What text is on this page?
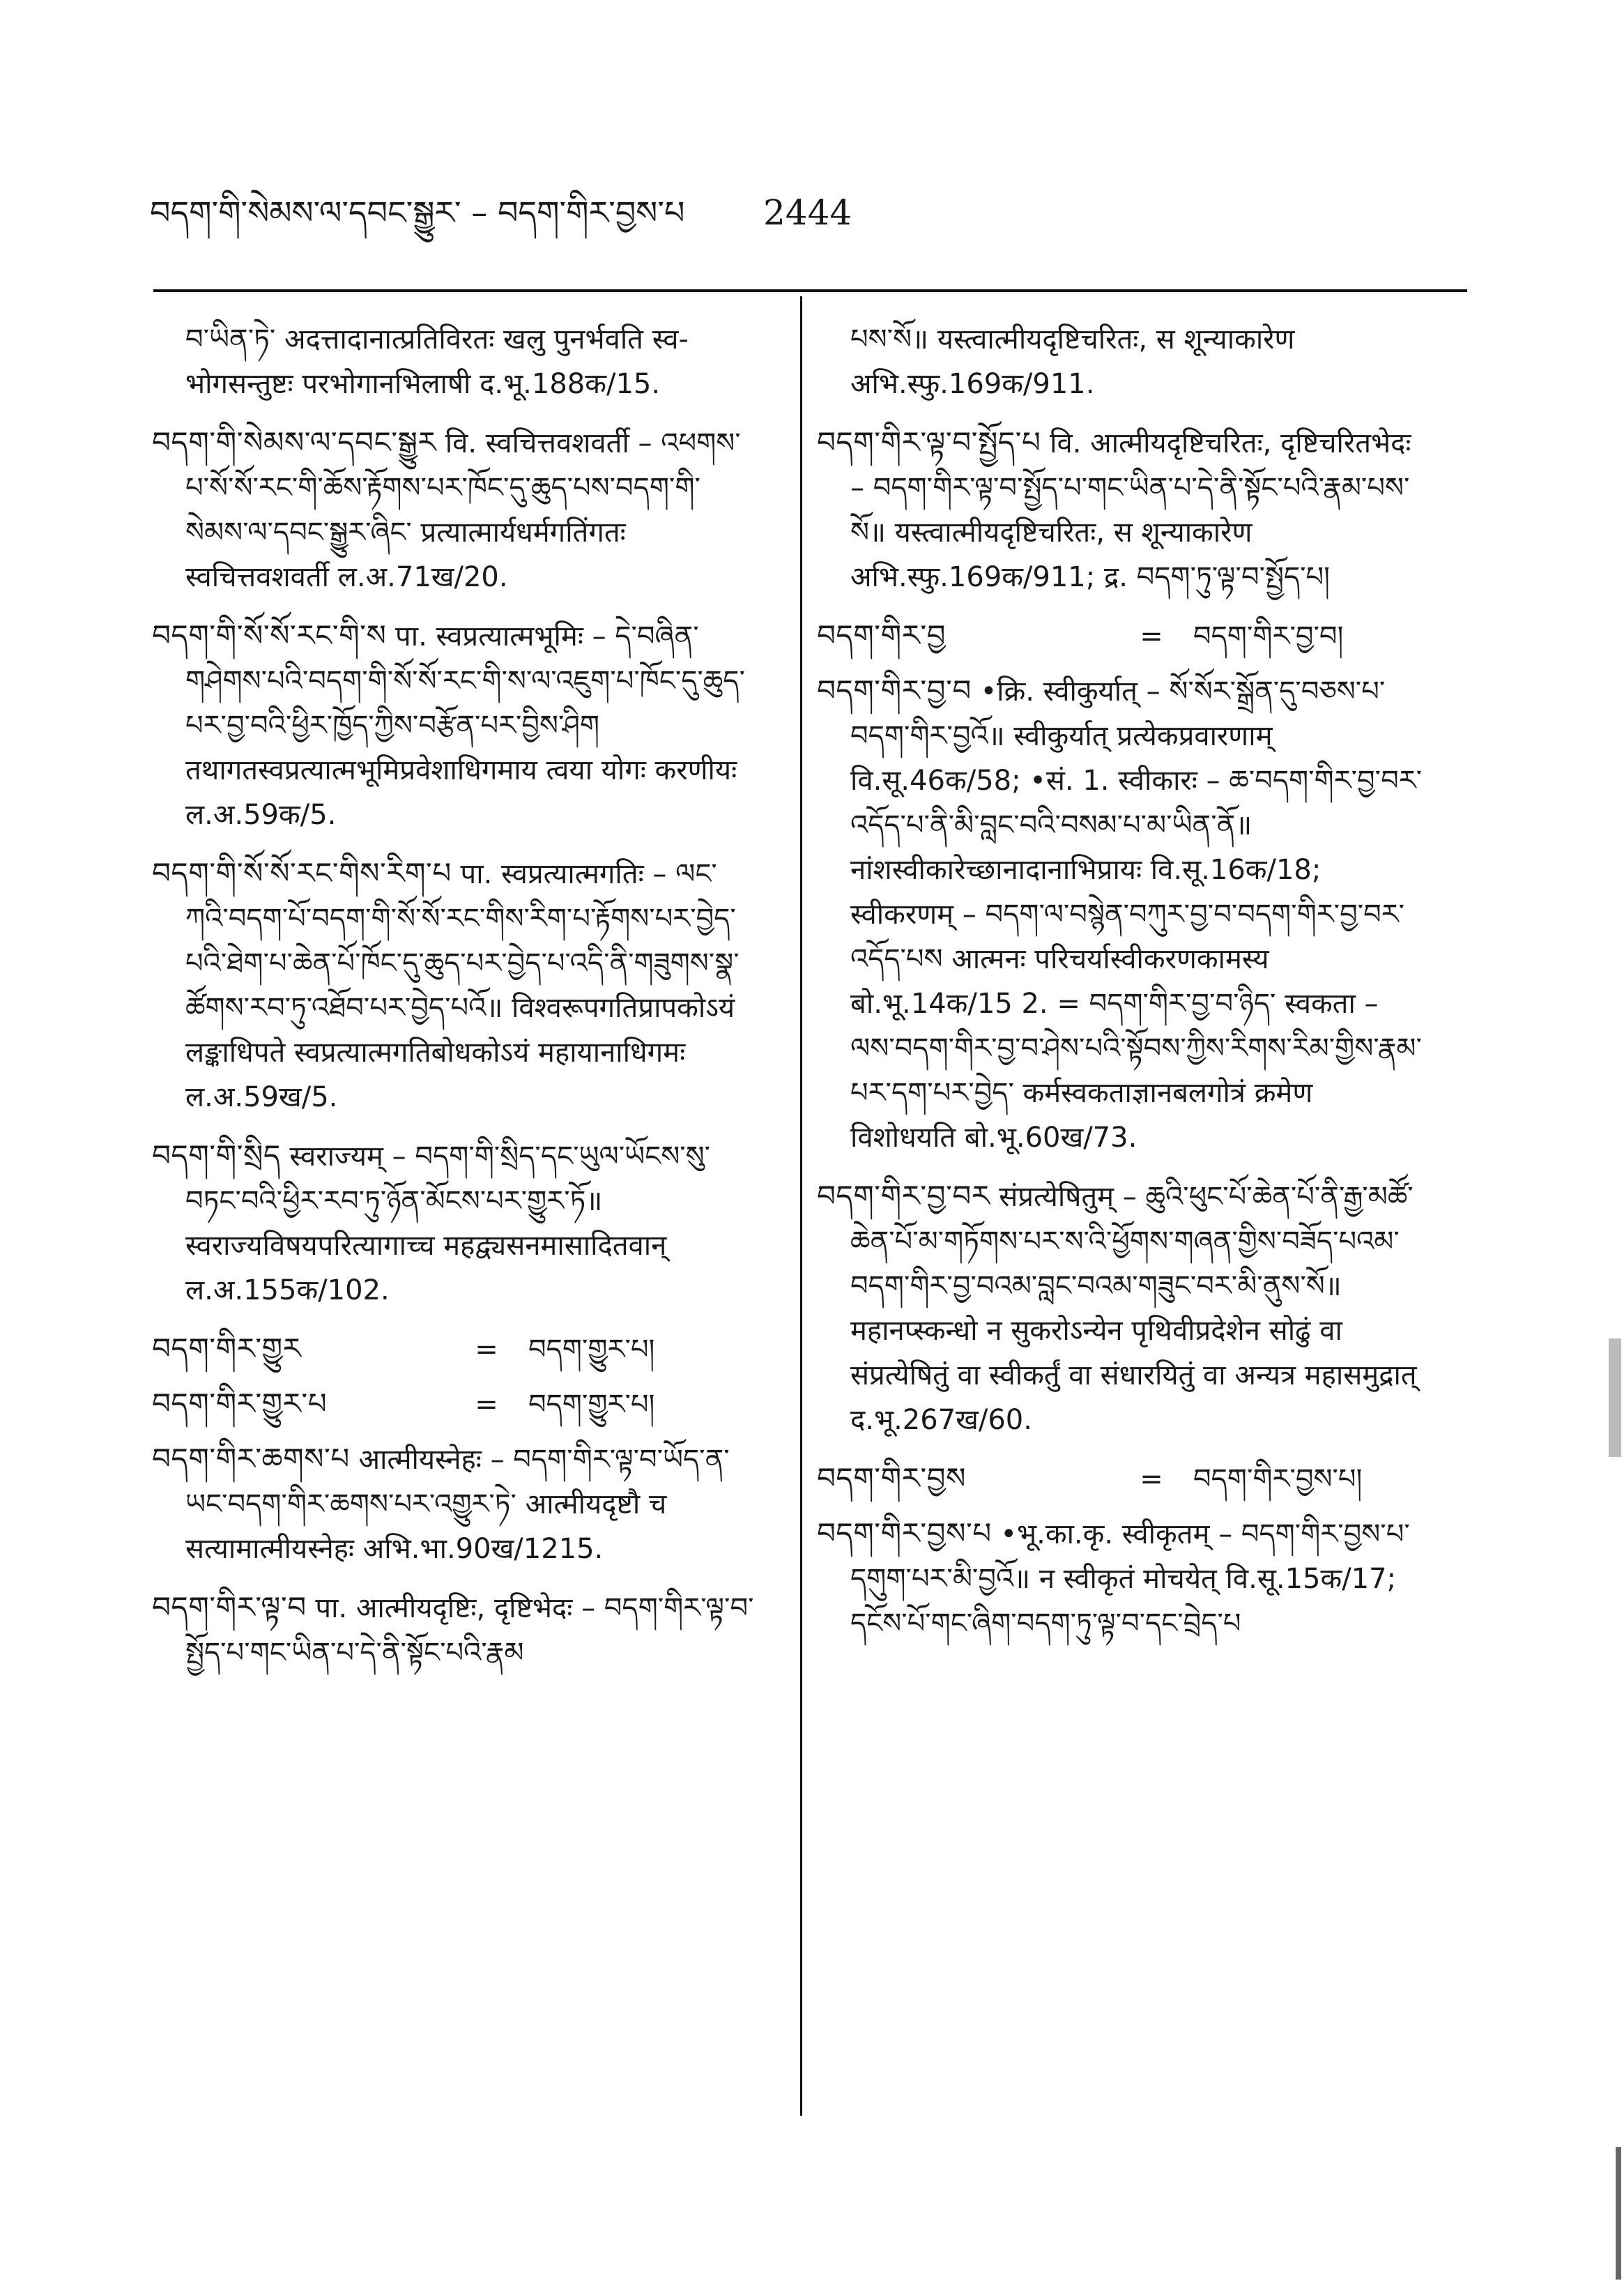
བདག་གི་སེམས་ལ་དབང་སྒྱུར་ – བདག་གིར་བྱས་པ 2444
བ་ཡིན་ཏེ་ अदत्तादानात्प्रतिविरतः खलु पुनर्भवति स्व-भोगसन्तुष्टः परभोगानभिलाषी द.भू.188क/15.
བདག་གི་སེམས་ལ་དབང་སྒྱུར वि. स्वचित्तवशवर्ती – འཕགས་པ་སོ་སོ་རང་གི་ཆོས་རྟོགས་པར་ཁོང་དུ་ཆུད་པས་བདག་གི་སེམས་ལ་དབང་སྒྱུར་ཞིང་ प्रत्यात्मार्यधर्मगतिंगतः स्वचित्तवशवर्ती ल.अ.71ख/20.
བདག་གི་སོ་སོ་རང་གི་ས पा. स्वप्रत्यात्मभूमिः – དེ་བཞིན་གཤེགས་པའི་བདག་གི་སོ་སོ་རང་གི་ས་ལ་འཇུག་པ་ཁོང་དུ་ཆུད་པར་བྱ་བའི་ཕྱིར་ཁྱོད་ཀྱིས་བརྩོན་པར་བྱིས་ཤིག तथागतस्वप्रत्यात्मभूमिप्रवेशाधिगमाय त्वया योगः करणीयः ल.अ.59क/5.
བདག་གི་སོ་སོ་རང་གིས་རིག་པ पा. स्वप्रत्यात्मगतिः – ལང་ཀའི་བདག་པོ་བདག་གི་སོ་སོ་རང་གིས་རིག་པ་རྟོགས་པར་བྱེད་པའི་ཐེག་པ་ཆེན་པོ་ཁོང་དུ་ཆུད་པར་བྱེད་པ་འདི་ནི་གཟུགས་སྣ་ཚོགས་རབ་ཏུ་འཐོབ་པར་བྱེད་པའོ॥ विश्वरूपगतिप्रापकोऽयं लङ्काधिपते स्वप्रत्यात्मगतिबोधकोऽयं महायानाधिगमः ल.अ.59ख/5.
བདག་གི་སྲིད स्वराज्यम् – བདག་གི་སྲིད་དང་ཡུལ་ཡོངས་སུ་བཏང་བའི་ཕྱིར་རབ་ཏུ་ཉོན་མོངས་པར་གྱུར་ཏོ॥ स्वराज्यविषयपरित्यागाच्च महद्व्यसनमासादितवान् ल.अ.155क/102.
བདག་གིར་གྱུར	=	བདག་གྱུར་པ།
བདག་གིར་གྱུར་པ	=	བདག་གྱུར་པ།
བདག་གིར་ཆགས་པ आत्मीयस्नेहः – བདག་གིར་ལྟ་བ་ཡོད་ན་ཡང་བདག་གིར་ཆགས་པར་འགྱུར་ཏེ་ आत्मीयदृष्टौ च सत्यामात्मीयस्नेहः अभि.भा.90ख/1215.
བདག་གིར་ལྟ་བ पा. आत्मीयदृष्टिः, दृष्टिभेदः – བདག་གིར་ལྟ་བ་སྤྱོད་པ་གང་ཡིན་པ་དེ་ནི་སྟོང་པའི་རྣམ
པས་སོ॥ यस्त्वात्मीयदृष्टिचरितः, स शून्याकारेण अभि.स्फु.169क/911.
བདག་གིར་ལྟ་བ་སྤྱོད་པ वि. आत्मीयदृष्टिचरितः, दृष्टिचरितभेदः – བདག་གིར་ལྟ་བ་སྤྱོད་པ་གང་ཡིན་པ་དེ་ནི་སྟོང་པའི་རྣམ་པས་སོ॥ यस्त्वात्मीयदृष्टिचरितः, स शून्याकारेण अभि.स्फु.169क/911; द्र. བདག་ཏུ་ལྟ་བ་སྤྱོད་པ།
བདག་གིར་བྱ	=	བདག་གིར་བྱ་བ།
བདག་གིར་བྱ་བ •क्रि. स्वीकुर्यात् – སོ་སོར་སྒྲོན་དུ་བཅས་པ་བདག་གིར་བྱའོ॥ स्वीकुर्यात् प्रत्येकप्रवारणाम् वि.सू.46क/58; •सं. 1. स्वीकारः – ཆ་བདག་གིར་བྱ་བར་འདོད་པ་ནི་མི་བླང་བའི་བསམ་པ་མ་ཡིན་ནོ॥ नांशस्वीकारेच्छानादानाभिप्रायः वि.सू.16क/18; स्वीकरणम् – བདག་ལ་བསྙེན་བཀུར་བྱ་བ་བདག་གིར་བྱ་བར་འདོད་པས आत्मनः परिचर्यास्वीकरणकामस्य बो.भू.14क/15 2. = བདག་གིར་བྱ་བ་ཉིད་ स्वकता – ལས་བདག་གིར་བྱ་བ་ཤེས་པའི་སྟོབས་ཀྱིས་རིགས་རིམ་གྱིས་རྣམ་པར་དག་པར་བྱེད་ कर्मस्वकताज्ञानबलगोत्रं क्रमेण विशोधयति बो.भू.60ख/73.
བདག་གིར་བྱ་བར संप्रत्येषितुम् – ཆུའི་ཕུང་པོ་ཆེན་པོ་ནི་རྒྱ་མཚོ་ཆེན་པོ་མ་གཏོགས་པར་ས་འི་ཕྱོགས་གཞན་གྱིས་བཟོད་པའམ་བདག་གིར་བྱ་བའམ་བླང་བའམ་གཟུང་བར་མི་ནུས་སོ॥ महानप्स्कन्धो न सुकरोऽन्येन पृथिवीप्रदेशेन सोढुं वा संप्रत्येषितुं वा स्वीकर्तुं वा संधारयितुं वा अन्यत्र महासमुद्रात् द.भू.267ख/60.
བདག་གིར་བྱས	=	བདག་གིར་བྱས་པ།
བདག་གིར་བྱས་པ •भू.का.कृ. स्वीकृतम् – བདག་གིར་བྱས་པ་དགུག་པར་མི་བྱའོ॥ न स्वीकृतं मोचयेत् वि.सू.15क/17; དངོས་པོ་གང་ཞིག་བདག་ཏུ་ལྟ་བ་དང་བྲེད་པ
